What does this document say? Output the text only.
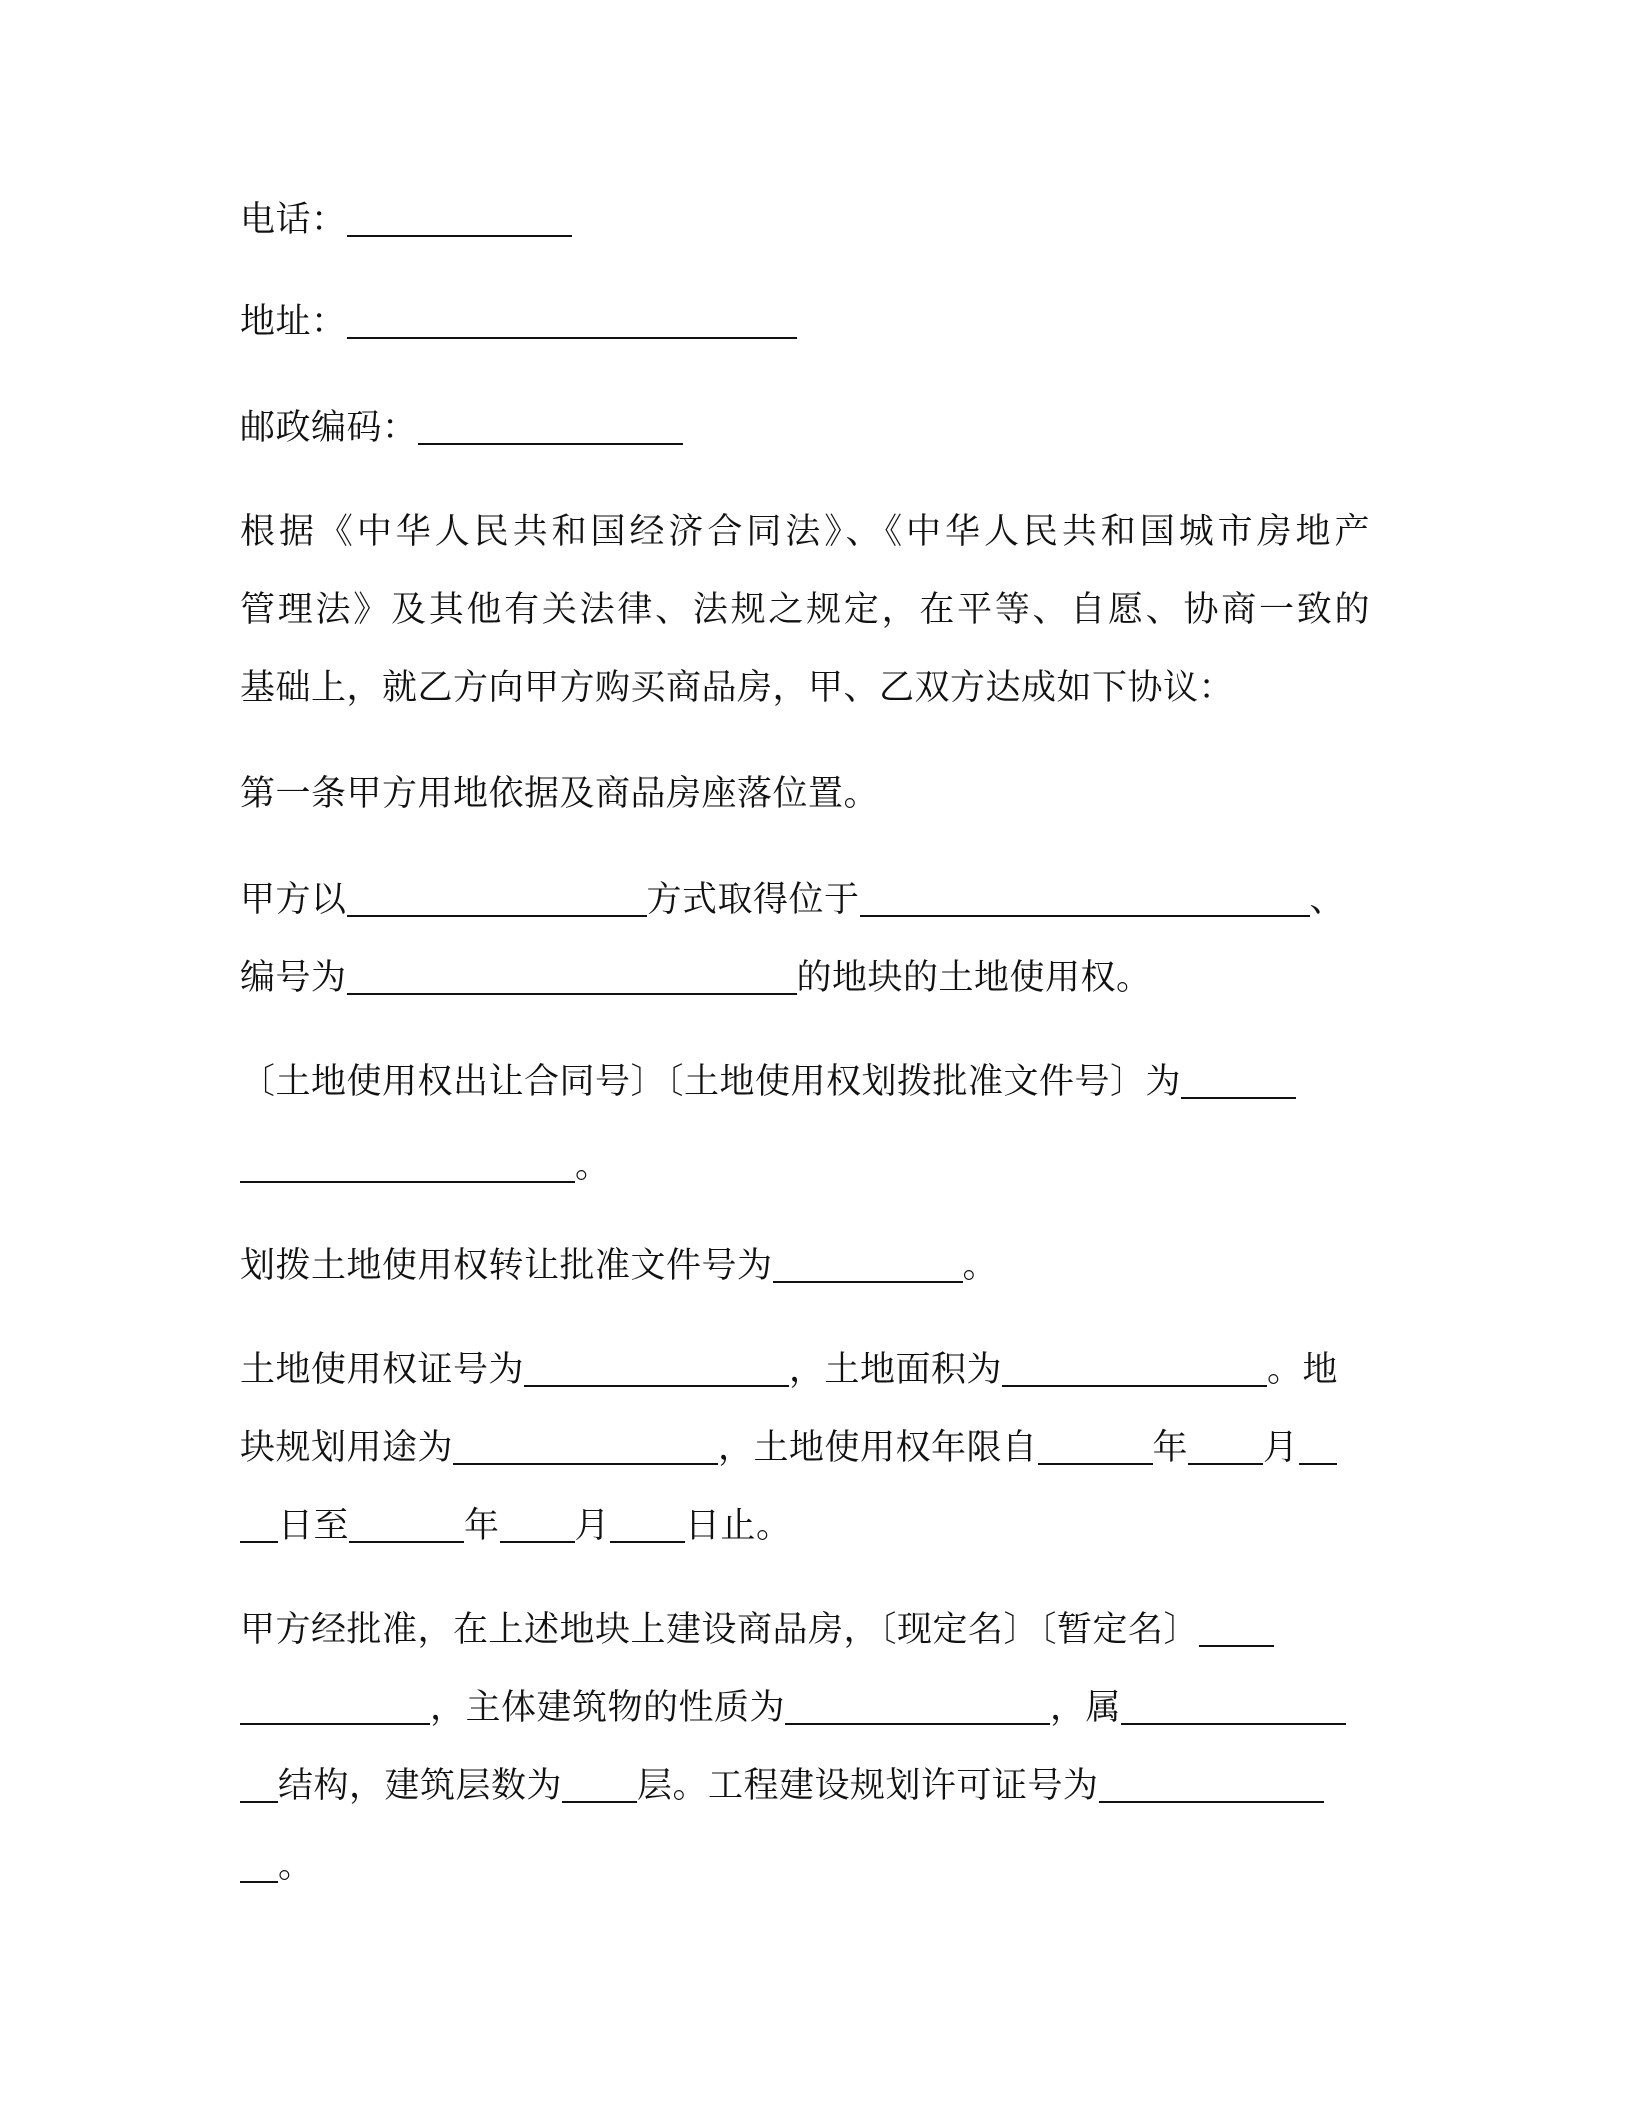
电话：
地址：
邮政编码：
根据《中华人民共和国经济合同法》、《中华人民共和国城市房地产
管理法》及其他有关法律、法规之规定，在平等、自愿、协商一致的
基础上，就乙方向甲方购买商品房，甲、乙双方达成如下协议：
第一条甲方用地依据及商品房座落位置。
甲方以	方式取得位于	、
编号为	的地块的土地使用权。
〔土地使用权出让合同号〕〔土地使用权划拨批准文件号〕为
。
划拨土地使用权转让批准文件号为	。
土地使用权证号为	，土地面积为	。地
块规划用途为	，土地使用权年限自	年 月
日至	年 月 日止。
甲方经批准，在上述地块上建设商品房，〔现定名〕〔暂定名〕
，主体建筑物的性质为	，属
结构，建筑层数为 层。工程建设规划许可证号为
。
